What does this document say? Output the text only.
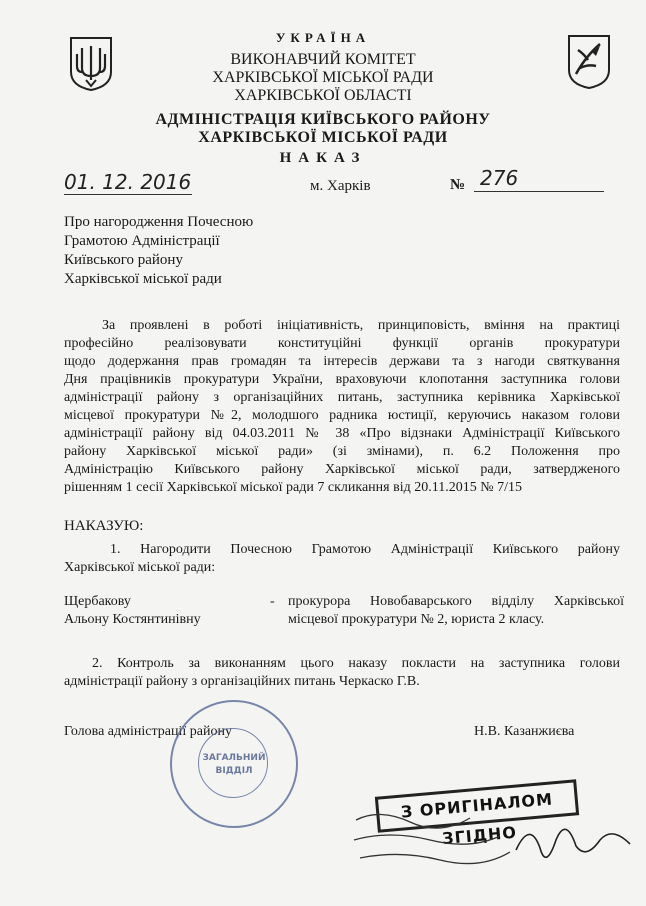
УКРАЇНА
ВИКОНАВЧИЙ КОМІТЕТ
ХАРКІВСЬКОЇ МІСЬКОЇ РАДИ
ХАРКІВСЬКОЇ ОБЛАСТІ
АДМІНІСТРАЦІЯ КИЇВСЬКОГО РАЙОНУ
ХАРКІВСЬКОЇ МІСЬКОЇ РАДИ
НАКАЗ
01. 12. 2016	м. Харків	№ 276
Про нагородження Почесною
Грамотою Адміністрації
Київського району
Харківської міської ради
За проявлені в роботі ініціативність, принциповість, вміння на практиці
професійно реалізовувати конституційні функції органів прокуратури
щодо додержання прав громадян та інтересів держави та з нагоди святкування
Дня працівників прокуратури України, враховуючи клопотання заступника голови
адміністрації району з організаційних питань, заступника керівника Харківської
місцевої прокуратури №2, молодшого радника юстиції, керуючись наказом голови
адміністрації району від 04.03.2011 № 38 «Про відзнаки Адміністрації Київського
району Харківської міської ради» (зі змінами), п. 6.2 Положення про
Адміністрацію Київського району Харківської міської ради, затвердженого
рішенням 1 сесії Харківської міської ради 7 скликання від 20.11.2015 № 7/15
НАКАЗУЮ:
1. Нагородити Почесною Грамотою Адміністрації Київського району
Харківської міської ради:
Щербакову
Альону Костянтинівну
- прокурора Новобаварського відділу Харківської
місцевої прокуратури № 2, юриста 2 класу.
2. Контроль за виконанням цього наказу покласти на заступника голови
адміністрації району з організаційних питань Черкаско Г.В.
Голова адміністрації району	Н.В. Казанжиєва
ЗАГАЛЬНИЙ
ВІДДІЛ
З ОРИГІНАЛОМ ЗГІДНО
